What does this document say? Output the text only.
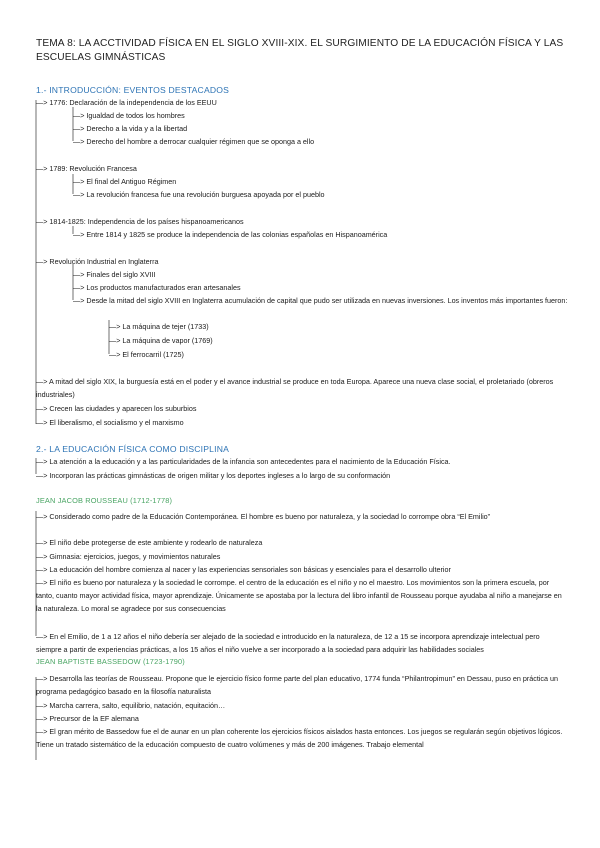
TEMA 8: LA ACCTIVIDAD FÍSICA EN EL SIGLO XVIII-XIX. EL SURGIMIENTO DE LA EDUCACIÓN FÍSICA Y LAS
ESCUELAS GIMNÁSTICAS
1.- INTRODUCCIÓN: EVENTOS DESTACADOS
—> 1776: Declaración de la independencia de los EEUU
—> Igualdad de todos los hombres
—> Derecho a la vida y a la libertad
—> Derecho del hombre a derrocar cualquier régimen que se oponga a ello
—> 1789: Revolución Francesa
—> El final del Antiguo Régimen
—> La revolución francesa fue una revolución burguesa apoyada por el pueblo
—> 1814-1825: Independencia de los países hispanoamericanos
—> Entre 1814 y 1825 se produce la independencia de las colonias españolas en Hispanoamérica
—> Revolución Industrial en Inglaterra
—> Finales del siglo XVIII
—> Los productos manufacturados eran artesanales
—> Desde la mitad del siglo XVIII en Inglaterra acumulación de capital que pudo ser utilizada en nuevas inversiones. Los inventos más importantes fueron:
—> La máquina de tejer (1733)
—> La máquina de vapor (1769)
—> El ferrocarril (1725)
—> A mitad del siglo XIX, la burguesía está en el poder y el avance industrial se produce en toda Europa. Aparece una nueva clase social, el proletariado (obreros industriales)
—> Crecen las ciudades y aparecen los suburbios
—> El liberalismo, el socialismo y el marxismo
2.- LA EDUCACIÓN FÍSICA COMO DISCIPLINA
—> La atención a la educación y a las particularidades de la infancia son antecedentes para el nacimiento de la Educación Física.
—> Incorporan las prácticas gimnásticas de origen militar y los deportes ingleses a lo largo de su conformación
JEAN JACOB ROUSSEAU (1712-1778)
—> Considerado como padre de la Educación Contemporánea. El hombre es bueno por naturaleza, y la sociedad lo corrompe obra “El Emilio”
—> El niño debe protegerse de este ambiente y rodearlo de naturaleza
—> Gimnasia: ejercicios, juegos, y movimientos naturales
—> La educación del hombre comienza al nacer y las experiencias sensoriales son básicas y esenciales para el desarrollo ulterior
—> El niño es bueno por naturaleza y la sociedad le corrompe. el centro de la educación es el niño y no el maestro. Los movimientos son la primera escuela, por tanto, cuanto mayor actividad física, mayor aprendizaje. Únicamente se apostaba por la lectura del libro infantil de Rousseau porque ayudaba al niño a manejarse en la naturaleza. Lo moral se agradece por sus consecuencias
—> En el Emilio, de 1 a 12 años el niño debería ser alejado de la sociedad e introducido en la naturaleza, de 12 a 15 se incorpora aprendizaje intelectual pero siempre a partir de experiencias prácticas, a los 15 años el niño vuelve a ser incorporado a la sociedad para adquirir las habilidades sociales
JEAN BAPTISTE BASSEDOW (1723-1790)
—> Desarrolla las teorías de Rousseau. Propone que le ejercicio físico forme parte del plan educativo, 1774 funda “Philantropimun” en Dessau, puso en práctica un programa pedagógico basado en la filosofía naturalista
—> Marcha carrera, salto, equilibrio, natación, equitación…
—> Precursor de la EF alemana
—> El gran mérito de Bassedow fue el de aunar en un plan coherente los ejercicios físicos aislados hasta entonces. Los juegos se regularán según objetivos lógicos. Tiene un tratado sistemático de la educación compuesto de cuatro volúmenes y más de 200 imágenes. Trabajo elemental
